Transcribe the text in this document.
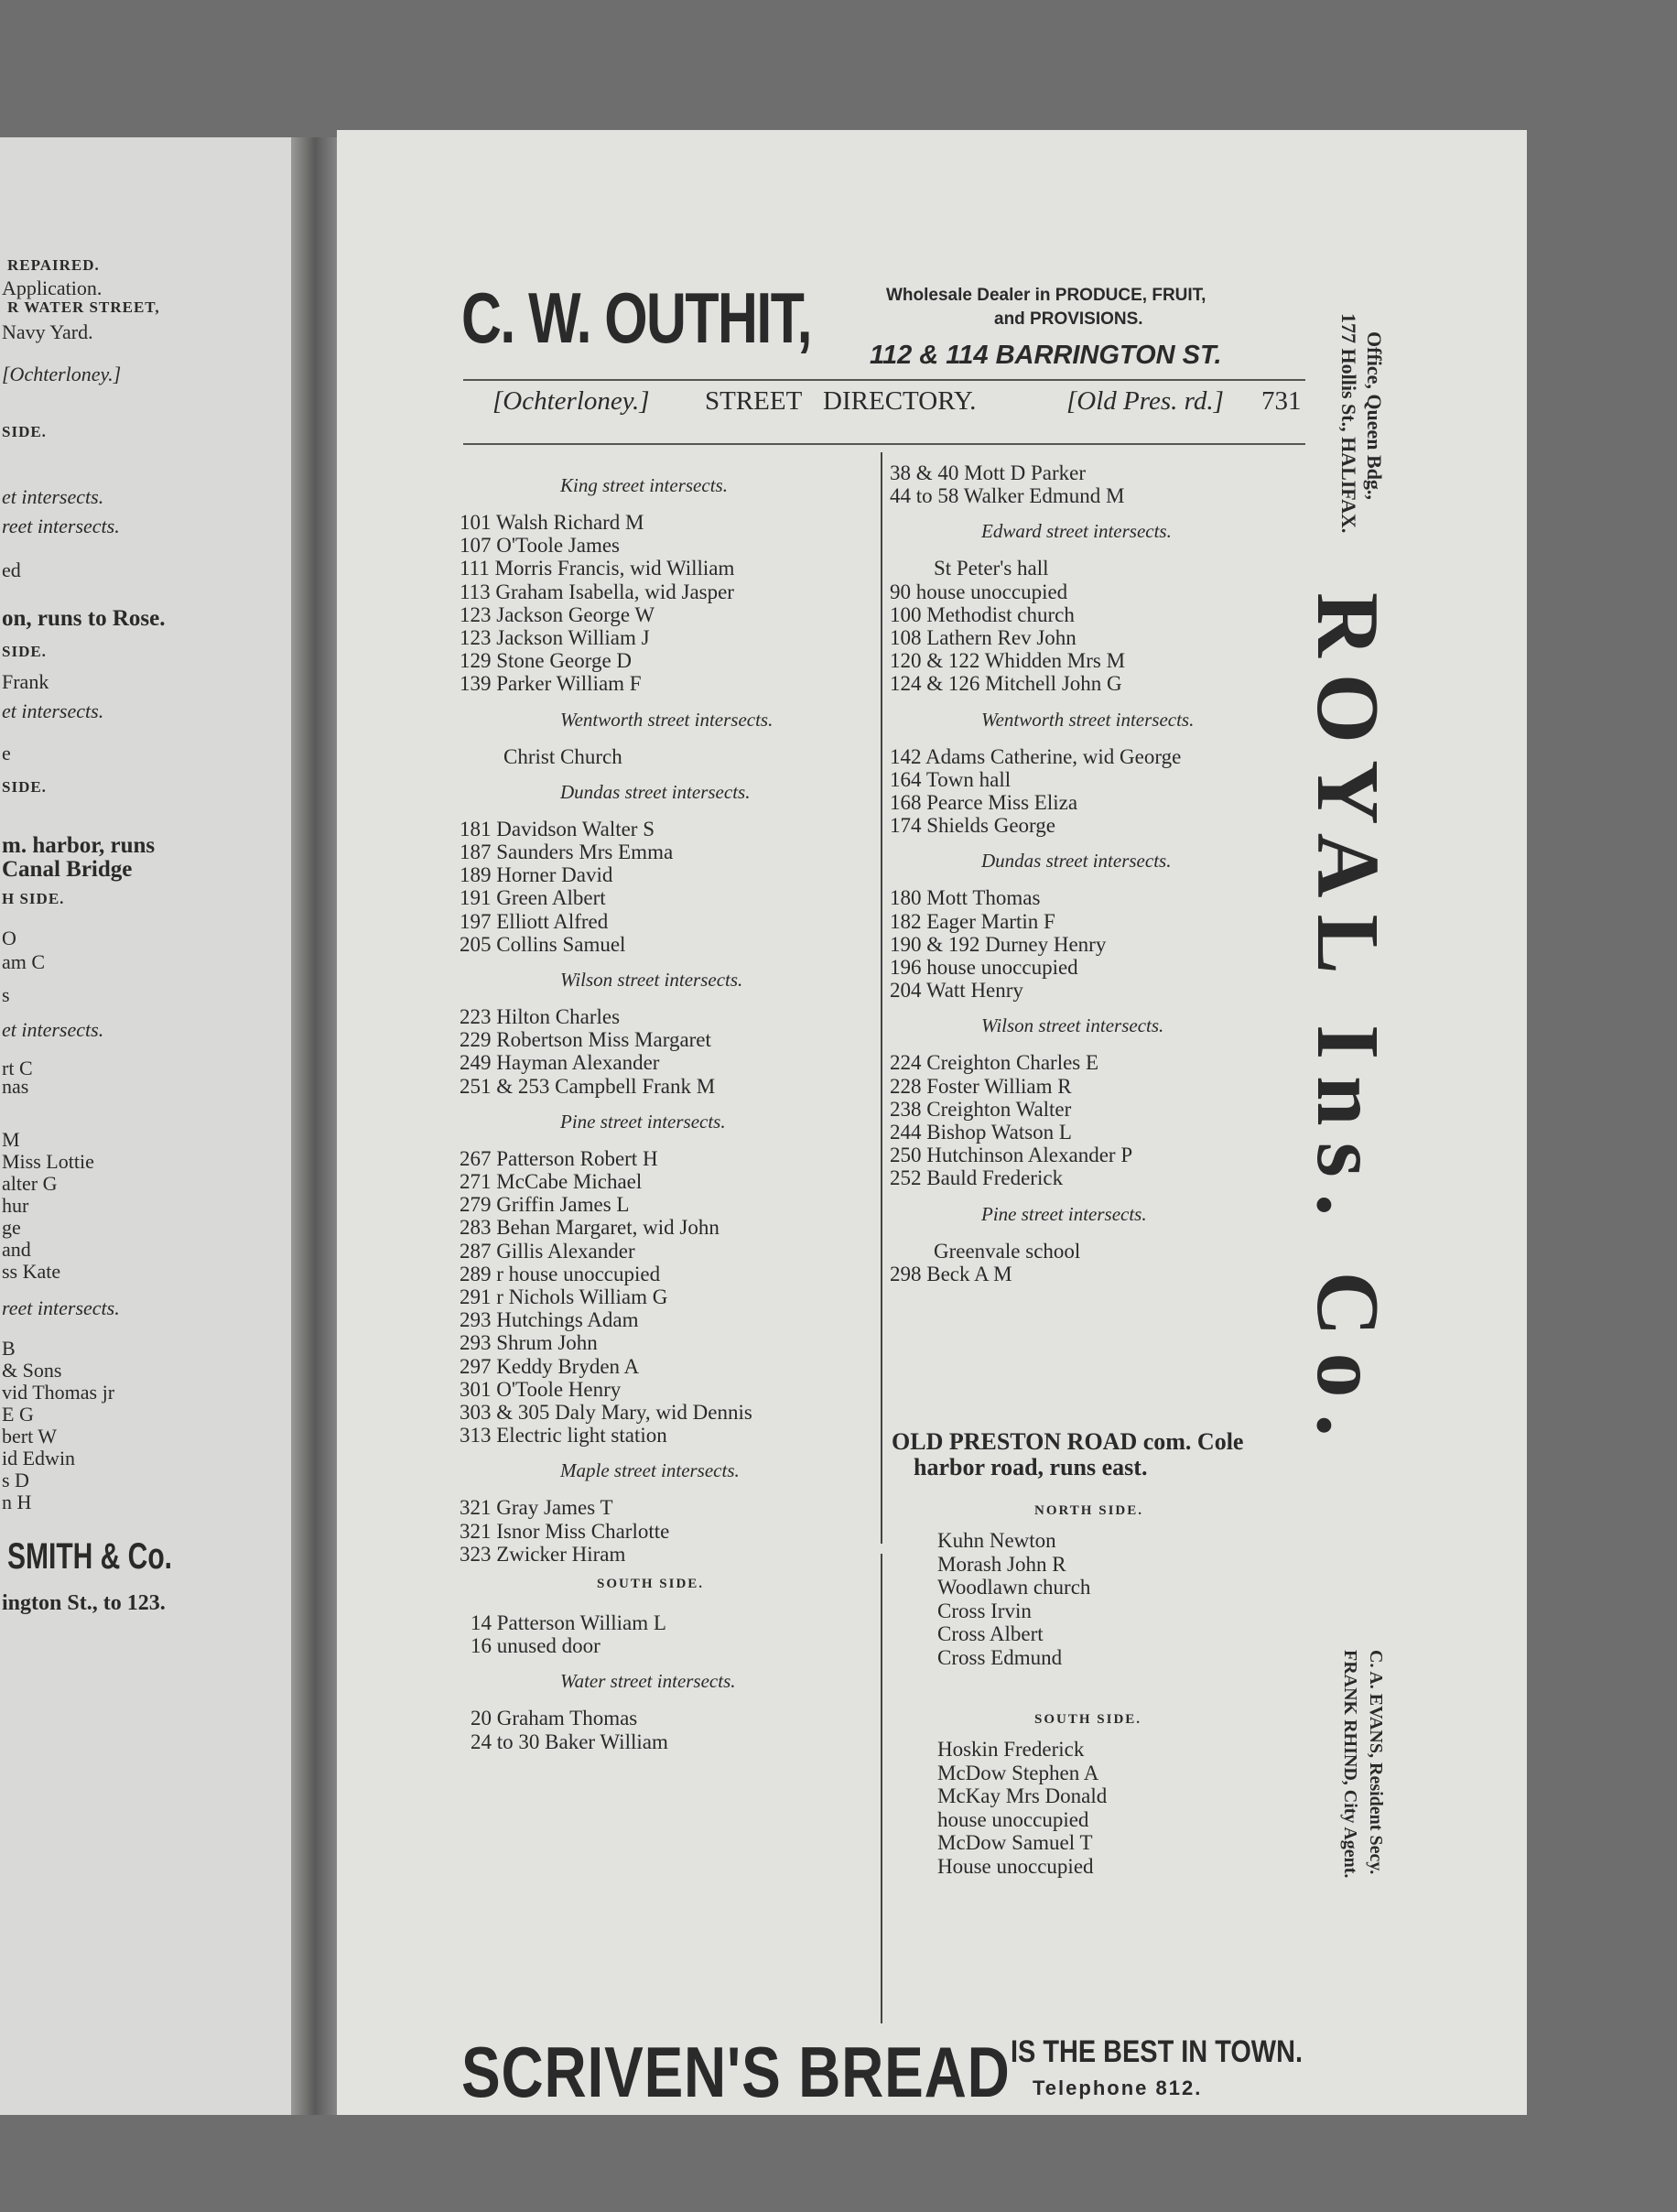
REPAIRED.
Application.
R WATER STREET,
Navy Yard.
[Ochterloney.]
SIDE.
et intersects.
reet intersects.
ed
on, runs to Rose.
SIDE.
Frank
et intersects.
e
SIDE.
m. harbor, runs
Canal Bridge
H SIDE.
O
am C
s
et intersects.
rt C
nas
M
Miss Lottie
alter G
hur
ge
and
ss Kate
reet intersects.
B
& Sons
vid Thomas jr
E G
bert W
id Edwin
s D
n H
SMITH & Co.
ington St., to 123.
C. W. OUTHIT,	Wholesale Dealer in PRODUCE, FRUIT,
and PROVISIONS.
112 & 114 BARRINGTON ST.
[Ochterloney.] STREET DIRECTORY.	[Old Pres. rd.] 731
King street intersects.
101 Walsh Richard M
107 O'Toole James
111 Morris Francis, wid William
113 Graham Isabella, wid Jasper
123 Jackson George W
123 Jackson William J
129 Stone George D
139 Parker William F
Wentworth street intersects.
Christ Church
Dundas street intersects.
181 Davidson Walter S
187 Saunders Mrs Emma
189 Horner David
191 Green Albert
197 Elliott Alfred
205 Collins Samuel
Wilson street intersects.
223 Hilton Charles
229 Robertson Miss Margaret
249 Hayman Alexander
251 & 253 Campbell Frank M
Pine street intersects.
267 Patterson Robert H
271 McCabe Michael
279 Griffin James L
283 Behan Margaret, wid John
287 Gillis Alexander
289 r house unoccupied
291 r Nichols William G
293 Hutchings Adam
293 Shrum John
297 Keddy Bryden A
301 O'Toole Henry
303 & 305 Daly Mary, wid Dennis
313 Electric light station
Maple street intersects.
321 Gray James T
321 Isnor Miss Charlotte
323 Zwicker Hiram
SOUTH SIDE.
14 Patterson William L
16 unused door
Water street intersects.
20 Graham Thomas
24 to 30 Baker William
38 & 40 Mott D Parker
44 to 58 Walker Edmund M
Edward street intersects.
St Peter's hall
90 house unoccupied
100 Methodist church
108 Lathern Rev John
120 & 122 Whidden Mrs M
124 & 126 Mitchell John G
Wentworth street intersects.
142 Adams Catherine, wid George
164 Town hall
168 Pearce Miss Eliza
174 Shields George
Dundas street intersects.
180 Mott Thomas
182 Eager Martin F
190 & 192 Durney Henry
196 house unoccupied
204 Watt Henry
Wilson street intersects.
224 Creighton Charles E
228 Foster William R
238 Creighton Walter
244 Bishop Watson L
250 Hutchinson Alexander P
252 Bauld Frederick
Pine street intersects.
Greenvale school
298 Beck A M
OLD PRESTON ROAD com. Cole
harbor road, runs east.
NORTH SIDE.
Kuhn Newton
Morash John R
Woodlawn church
Cross Irvin
Cross Albert
Cross Edmund
SOUTH SIDE.
Hoskin Frederick
McDow Stephen A
McKay Mrs Donald
house unoccupied
McDow Samuel T
House unoccupied
SCRIVEN'S BREAD IS THE BEST IN TOWN.
Telephone 812.
Office, Queen Bdg.,
177 Hollis St., HALIFAX.
ROYAL Ins. Co.
C. A. EVANS, Resident Secy.
FRANK RHIND, City Agent.
